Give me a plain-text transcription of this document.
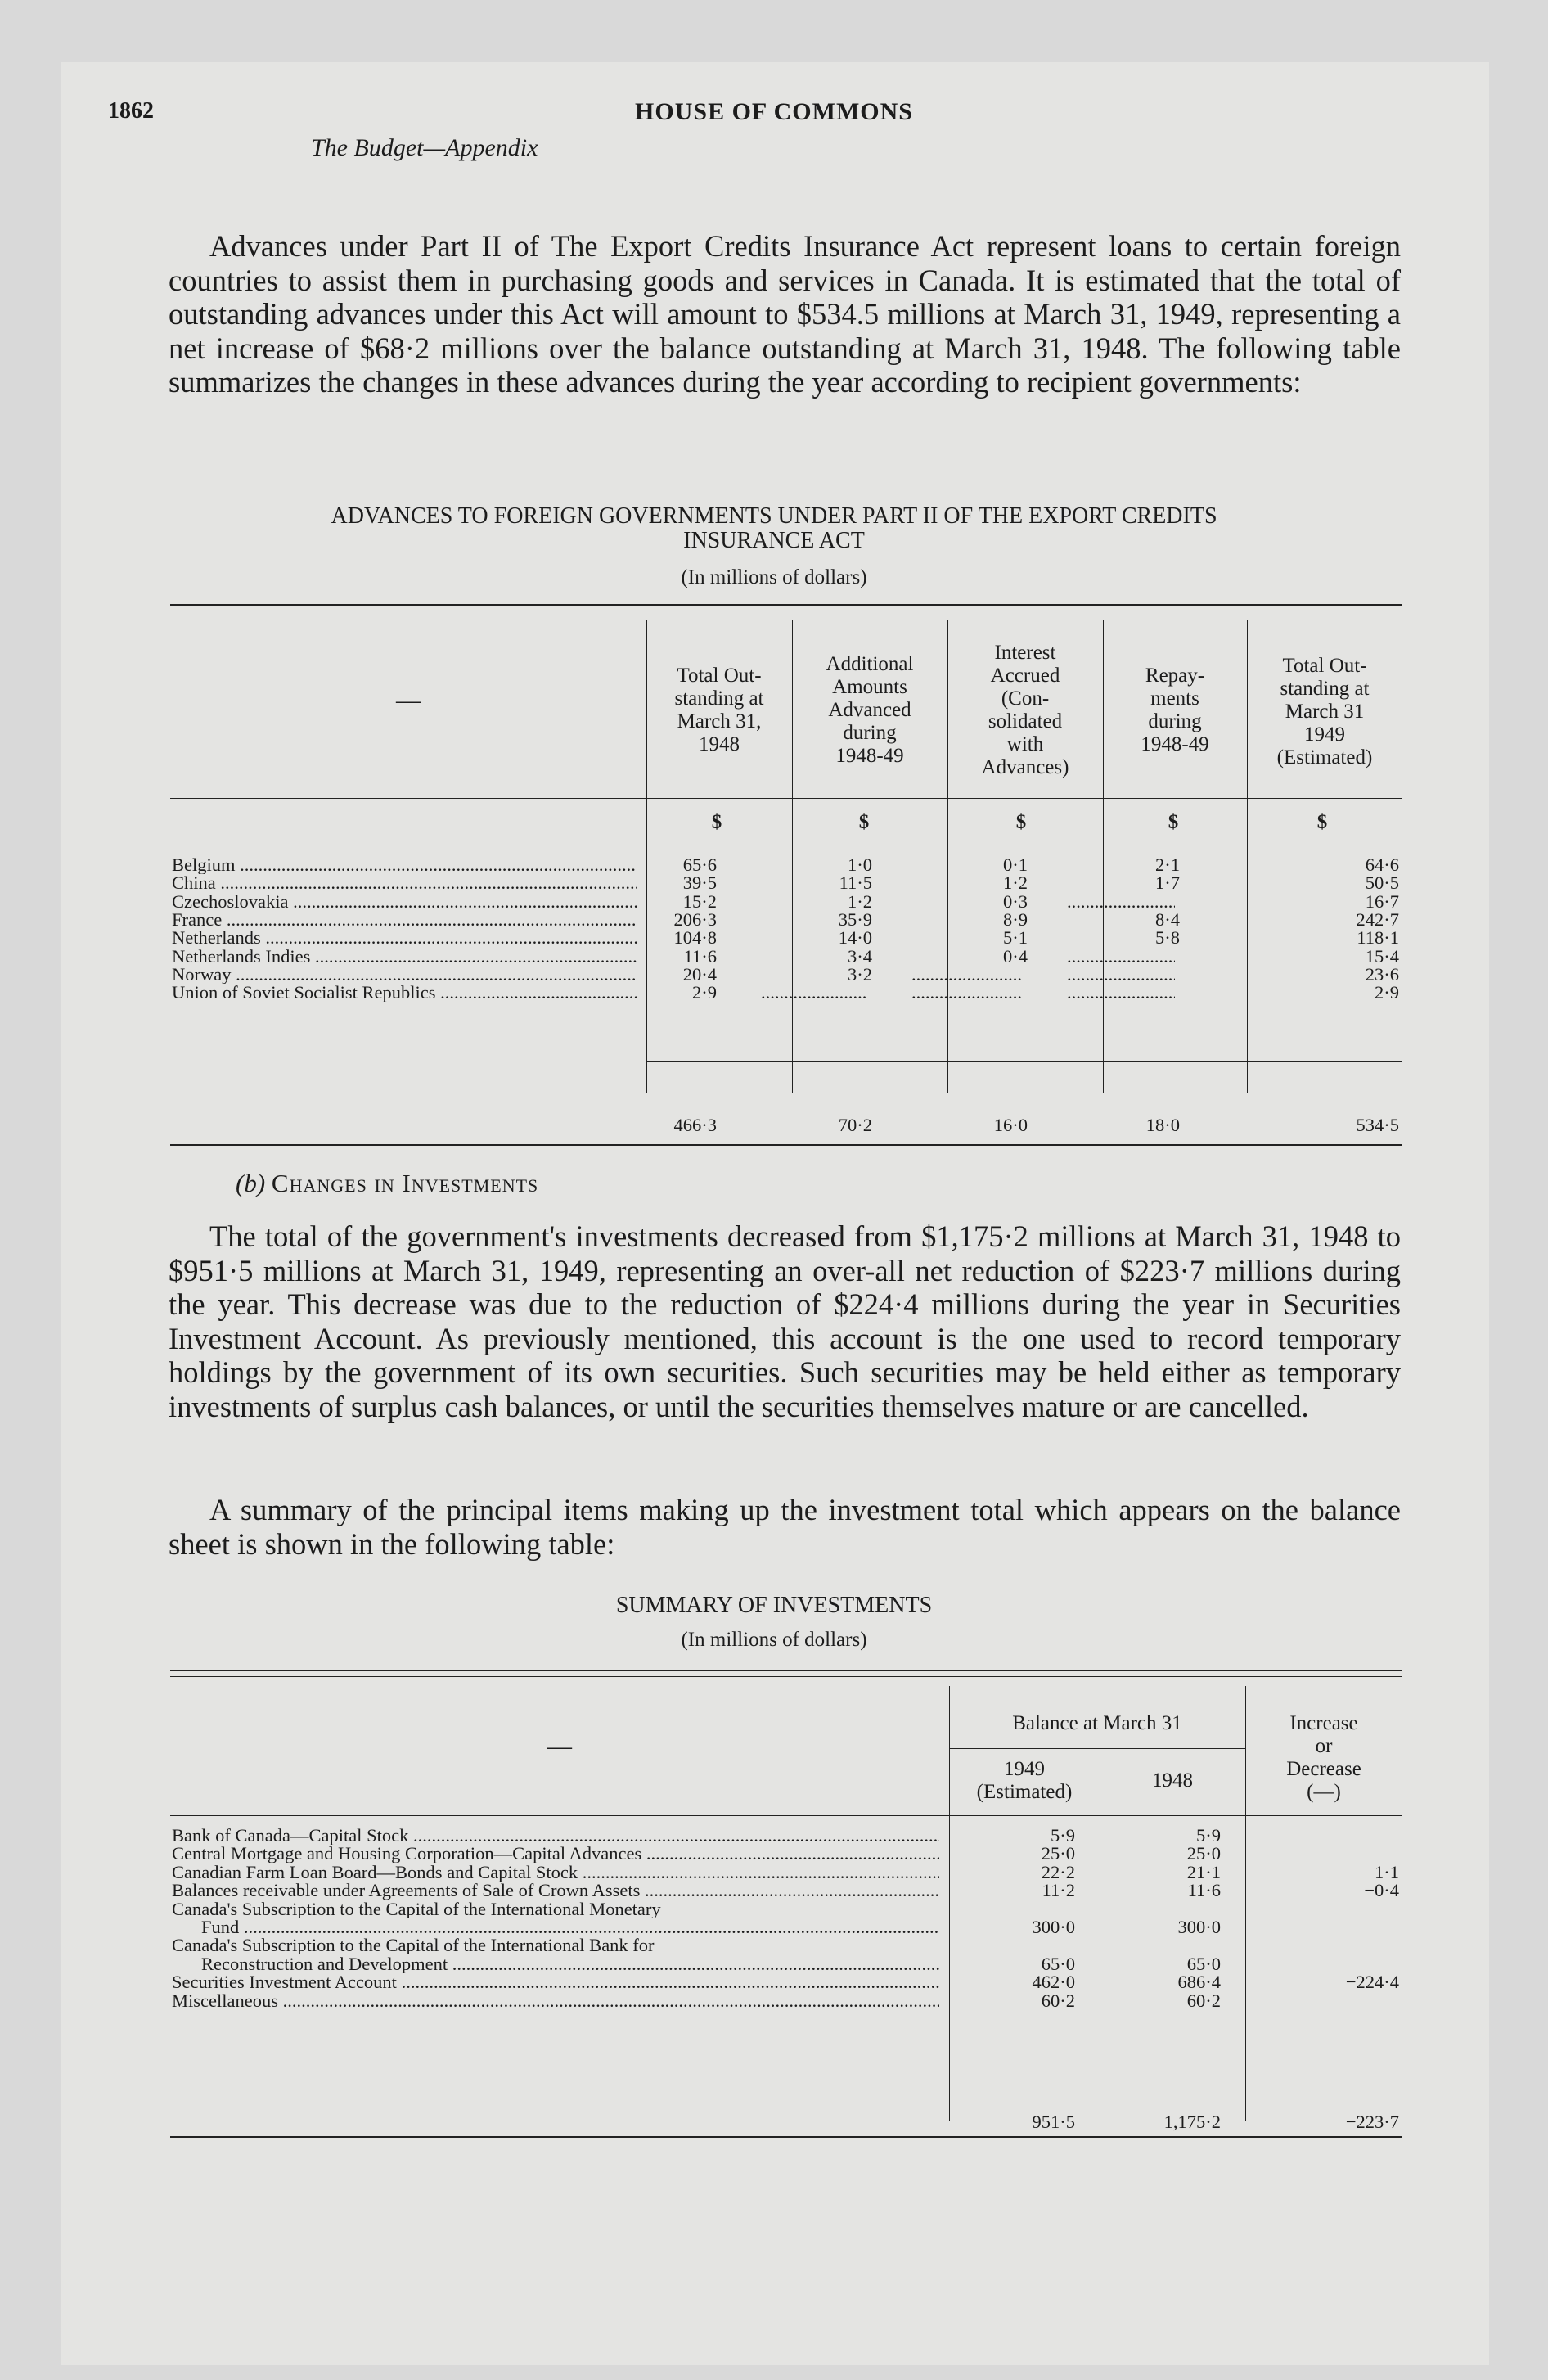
1862	HOUSE OF COMMONS
The Budget—Appendix

Advances under Part II of The Export Credits Insurance Act represent loans to certain foreign countries to assist them in purchasing goods and services in Canada. It is estimated that the total of outstanding advances under this Act will amount to $534.5 millions at March 31, 1949, representing a net increase of $68·2 millions over the balance outstanding at March 31, 1948. The following table summarizes the changes in these advances during the year according to recipient governments:

ADVANCES TO FOREIGN GOVERNMENTS UNDER PART II OF THE EXPORT CREDITS
INSURANCE ACT
(In millions of dollars)
—
Total Out-
standing at
March 31,
1948
Additional
Amounts
Advanced
during
1948-49
Interest
Accrued
(Con-
solidated
with
Advances)
Repay-
ments
during
1948-49
Total Out-
standing at
March 31
1949
(Estimated)
$	$	$	$	$
Belgium .....	65·6	1·0	0·1	2·1	64·6
China .....	39·5	11·5	1·2	1·7	50·5
Czechoslovakia .....	15·2	1·2	0·3 .....	16·7
France .....	206·3	35·9	8·9	8·4	242·7
Netherlands .....	104·8	14·0	5·1	5·8	118·1
Netherlands Indies .....	11·6	3·4	0·4 .....	15·4
Norway .....	20·4	3·2 ..... .....	23·6
Union of Soviet Socialist Republics .....	2·9 ..... ..... .....	2·9
466·3	70·2	16·0	18·0	534·5
(b) Changes in Investments

The total of the government's investments decreased from $1,175·2 millions at March 31, 1948 to $951·5 millions at March 31, 1949, representing an over-all net reduction of $223·7 millions during the year. This decrease was due to the reduction of $224·4 millions during the year in Securities Investment Account. As previously mentioned, this account is the one used to record temporary holdings by the government of its own securities. Such securities may be held either as temporary investments of surplus cash balances, or until the securities themselves mature or are cancelled.

A summary of the principal items making up the investment total which appears on the balance sheet is shown in the following table:

SUMMARY OF INVESTMENTS
(In millions of dollars)
—
Balance at March 31
1949
(Estimated)
1948
Increase
or
Decrease
(—)
Bank of Canada—Capital Stock .....	5·9	5·9
Central Mortgage and Housing Corporation—Capital Advances .....	25·0	25·0
Canadian Farm Loan Board—Bonds and Capital Stock .....	22·2	21·1	1·1
Balances receivable under Agreements of Sale of Crown Assets .....	11·2	11·6	−0·4
Canada's Subscription to the Capital of the International Monetary
Fund .....	300·0	300·0
Canada's Subscription to the Capital of the International Bank for
Reconstruction and Development .....	65·0	65·0
Securities Investment Account .....	462·0	686·4	−224·4
Miscellaneous .....	60·2	60·2
951·5	1,175·2	−223·7
